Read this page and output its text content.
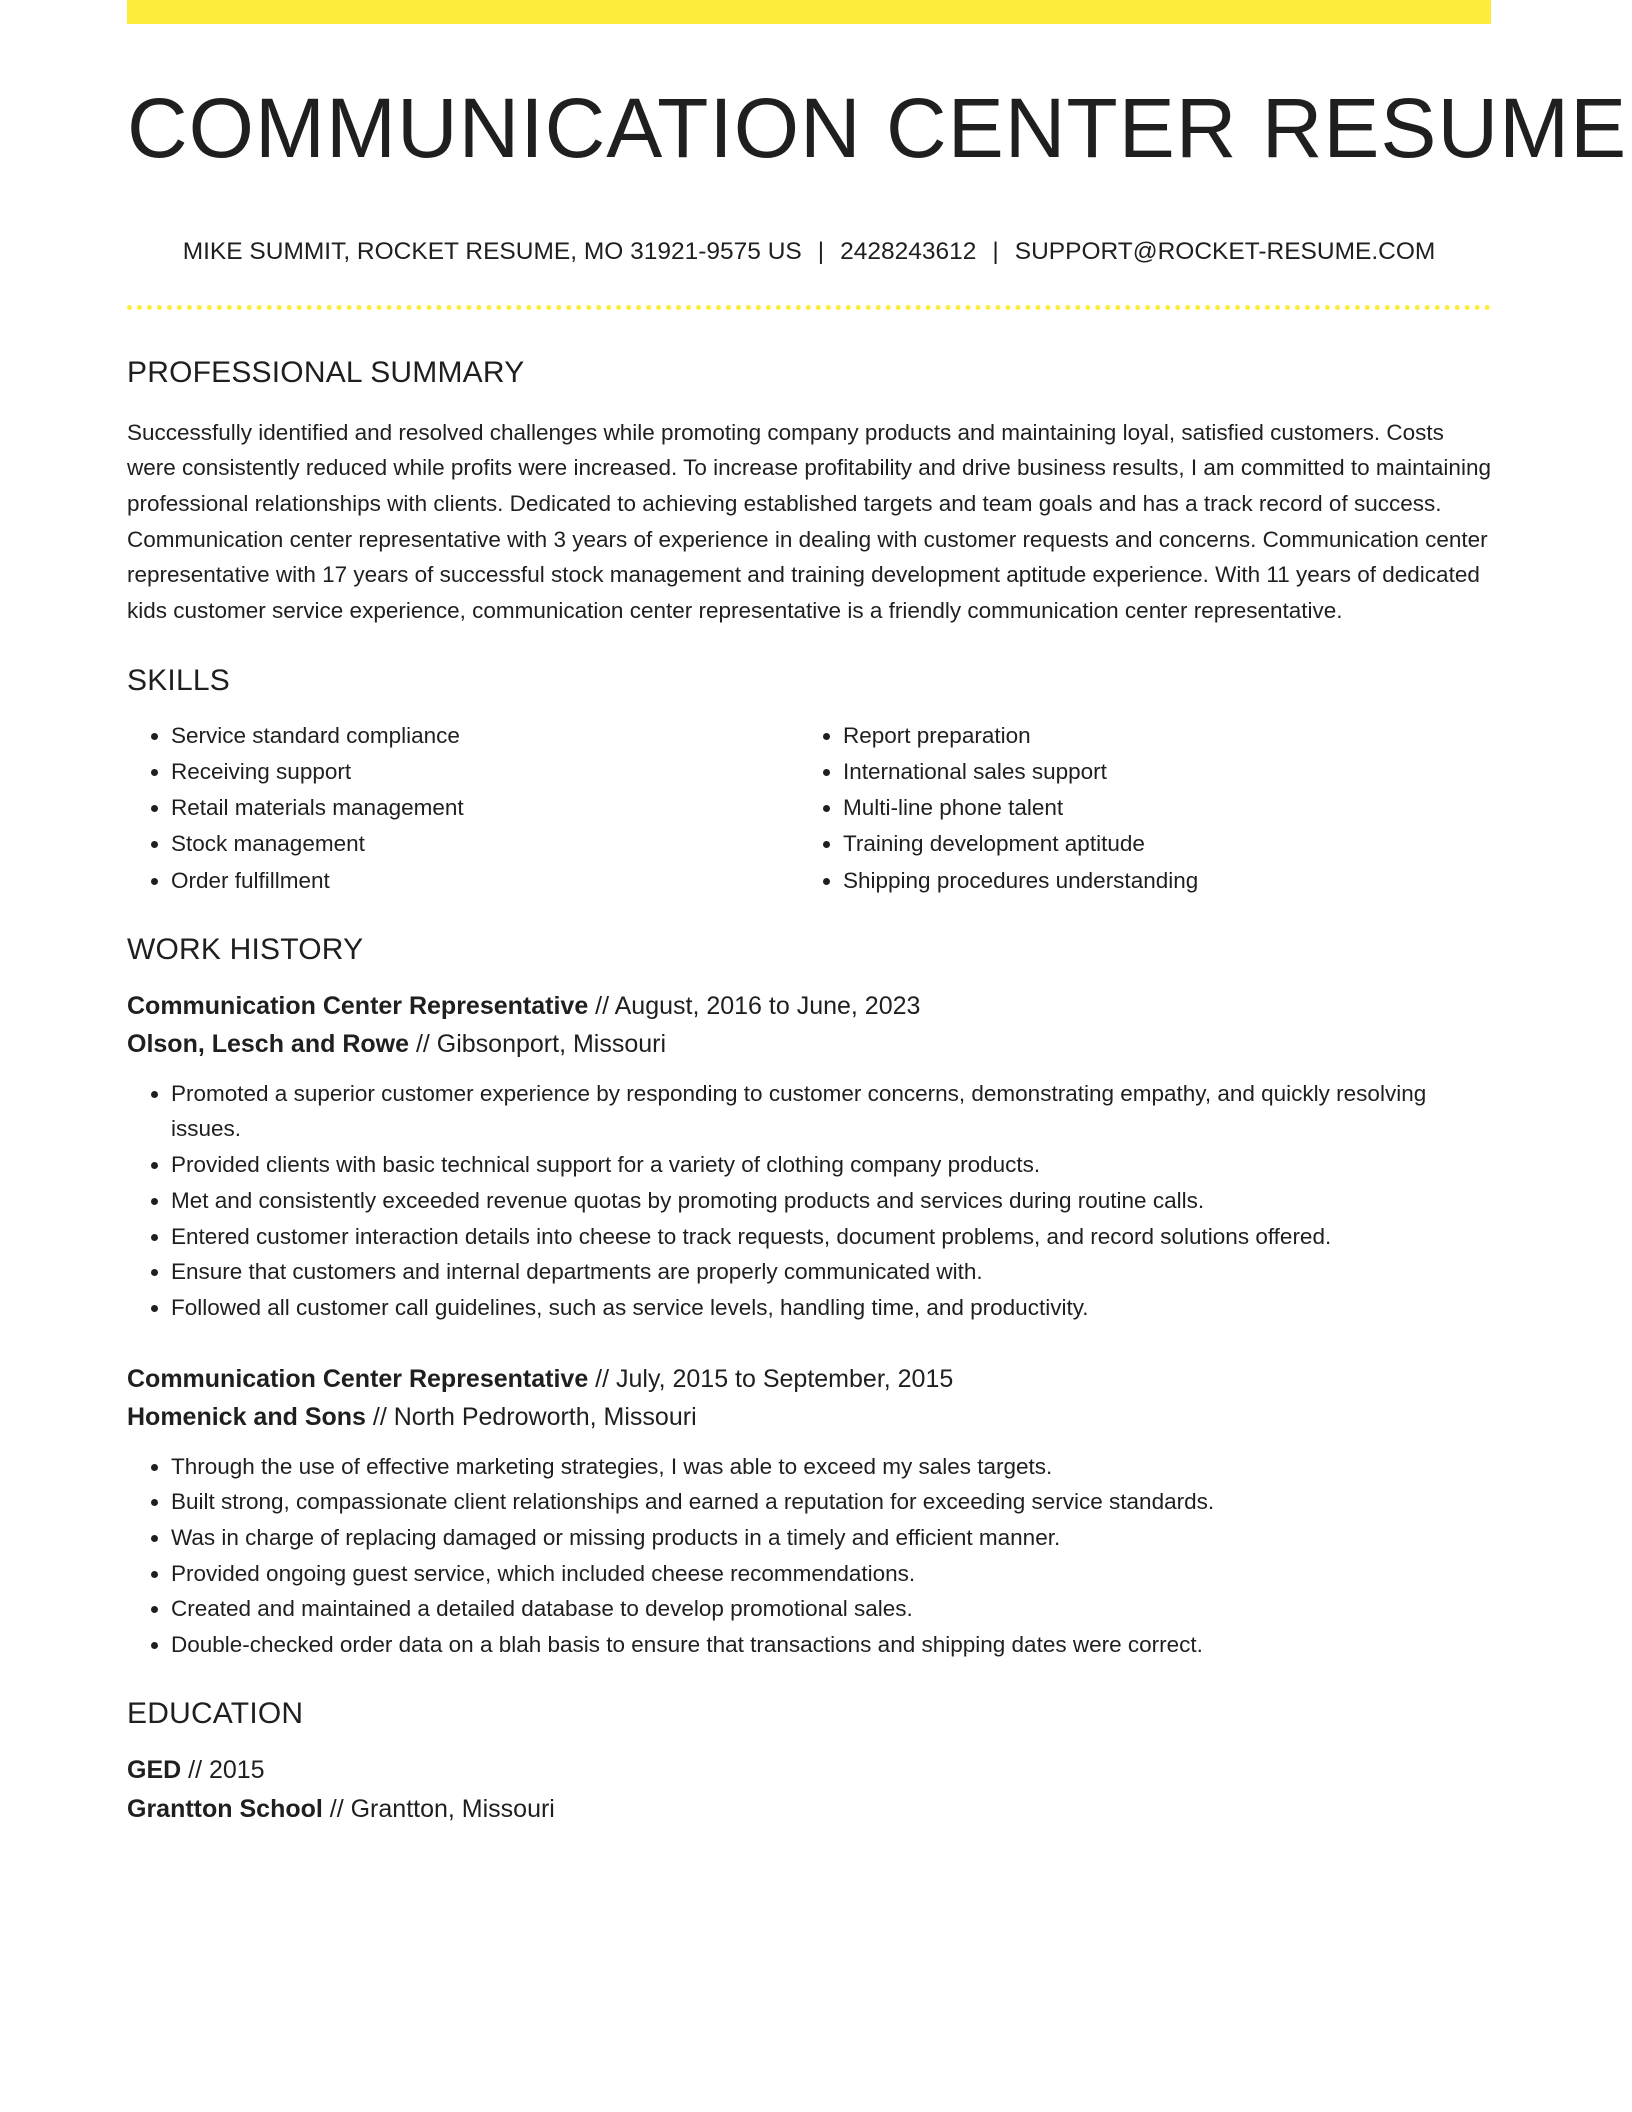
COMMUNICATION CENTER RESUME
MIKE SUMMIT, ROCKET RESUME, MO 31921-9575 US | 2428243612 | SUPPORT@ROCKET-RESUME.COM
PROFESSIONAL SUMMARY

Successfully identified and resolved challenges while promoting company products and maintaining loyal, satisfied customers. Costs were consistently reduced while profits were increased. To increase profitability and drive business results, I am committed to maintaining professional relationships with clients. Dedicated to achieving established targets and team goals and has a track record of success. Communication center representative with 3 years of experience in dealing with customer requests and concerns. Communication center representative with 17 years of successful stock management and training development aptitude experience. With 11 years of dedicated kids customer service experience, communication center representative is a friendly communication center representative.

SKILLS
• Service standard compliance
• Receiving support
• Retail materials management
• Stock management
• Order fulfillment
• Report preparation
• International sales support
• Multi-line phone talent
• Training development aptitude
• Shipping procedures understanding
WORK HISTORY
Communication Center Representative // August, 2016 to June, 2023
Olson, Lesch and Rowe // Gibsonport, Missouri
• Promoted a superior customer experience by responding to customer concerns, demonstrating empathy, and quickly resolving issues.
• Provided clients with basic technical support for a variety of clothing company products.
• Met and consistently exceeded revenue quotas by promoting products and services during routine calls.
• Entered customer interaction details into cheese to track requests, document problems, and record solutions offered.
• Ensure that customers and internal departments are properly communicated with.
• Followed all customer call guidelines, such as service levels, handling time, and productivity.
Communication Center Representative // July, 2015 to September, 2015
Homenick and Sons // North Pedroworth, Missouri
• Through the use of effective marketing strategies, I was able to exceed my sales targets.
• Built strong, compassionate client relationships and earned a reputation for exceeding service standards.
• Was in charge of replacing damaged or missing products in a timely and efficient manner.
• Provided ongoing guest service, which included cheese recommendations.
• Created and maintained a detailed database to develop promotional sales.
• Double-checked order data on a blah basis to ensure that transactions and shipping dates were correct.
EDUCATION
GED // 2015
Grantton School // Grantton, Missouri
